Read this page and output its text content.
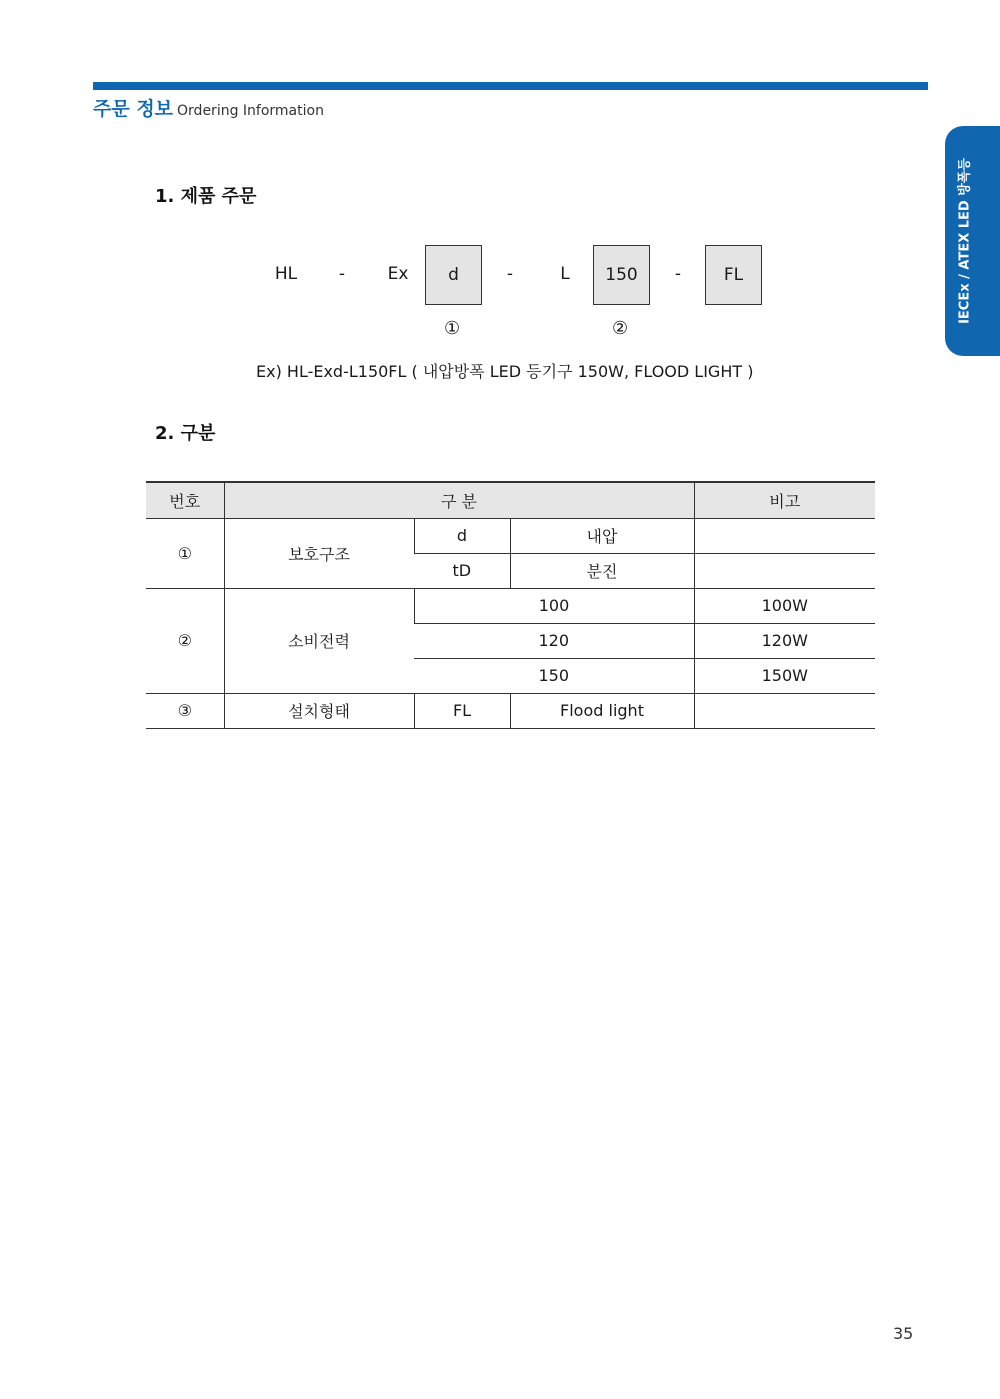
주문 정보 Ordering Information
IECEx / ATEX LED 방폭등
1. 제품 주문
HL -	Ex	d	-	L	150	-	FL
①	②
Ex) HL-Exd-L150FL ( 내압방폭 LED 등기구 150W, FLOOD LIGHT )
2. 구분
번호	구 분			비고
①	보호구조	d	내압	
		tD	분진	
②	소비전력	100		100W
		120		120W
		150		150W
③	설치형태	FL	Flood light	
35
